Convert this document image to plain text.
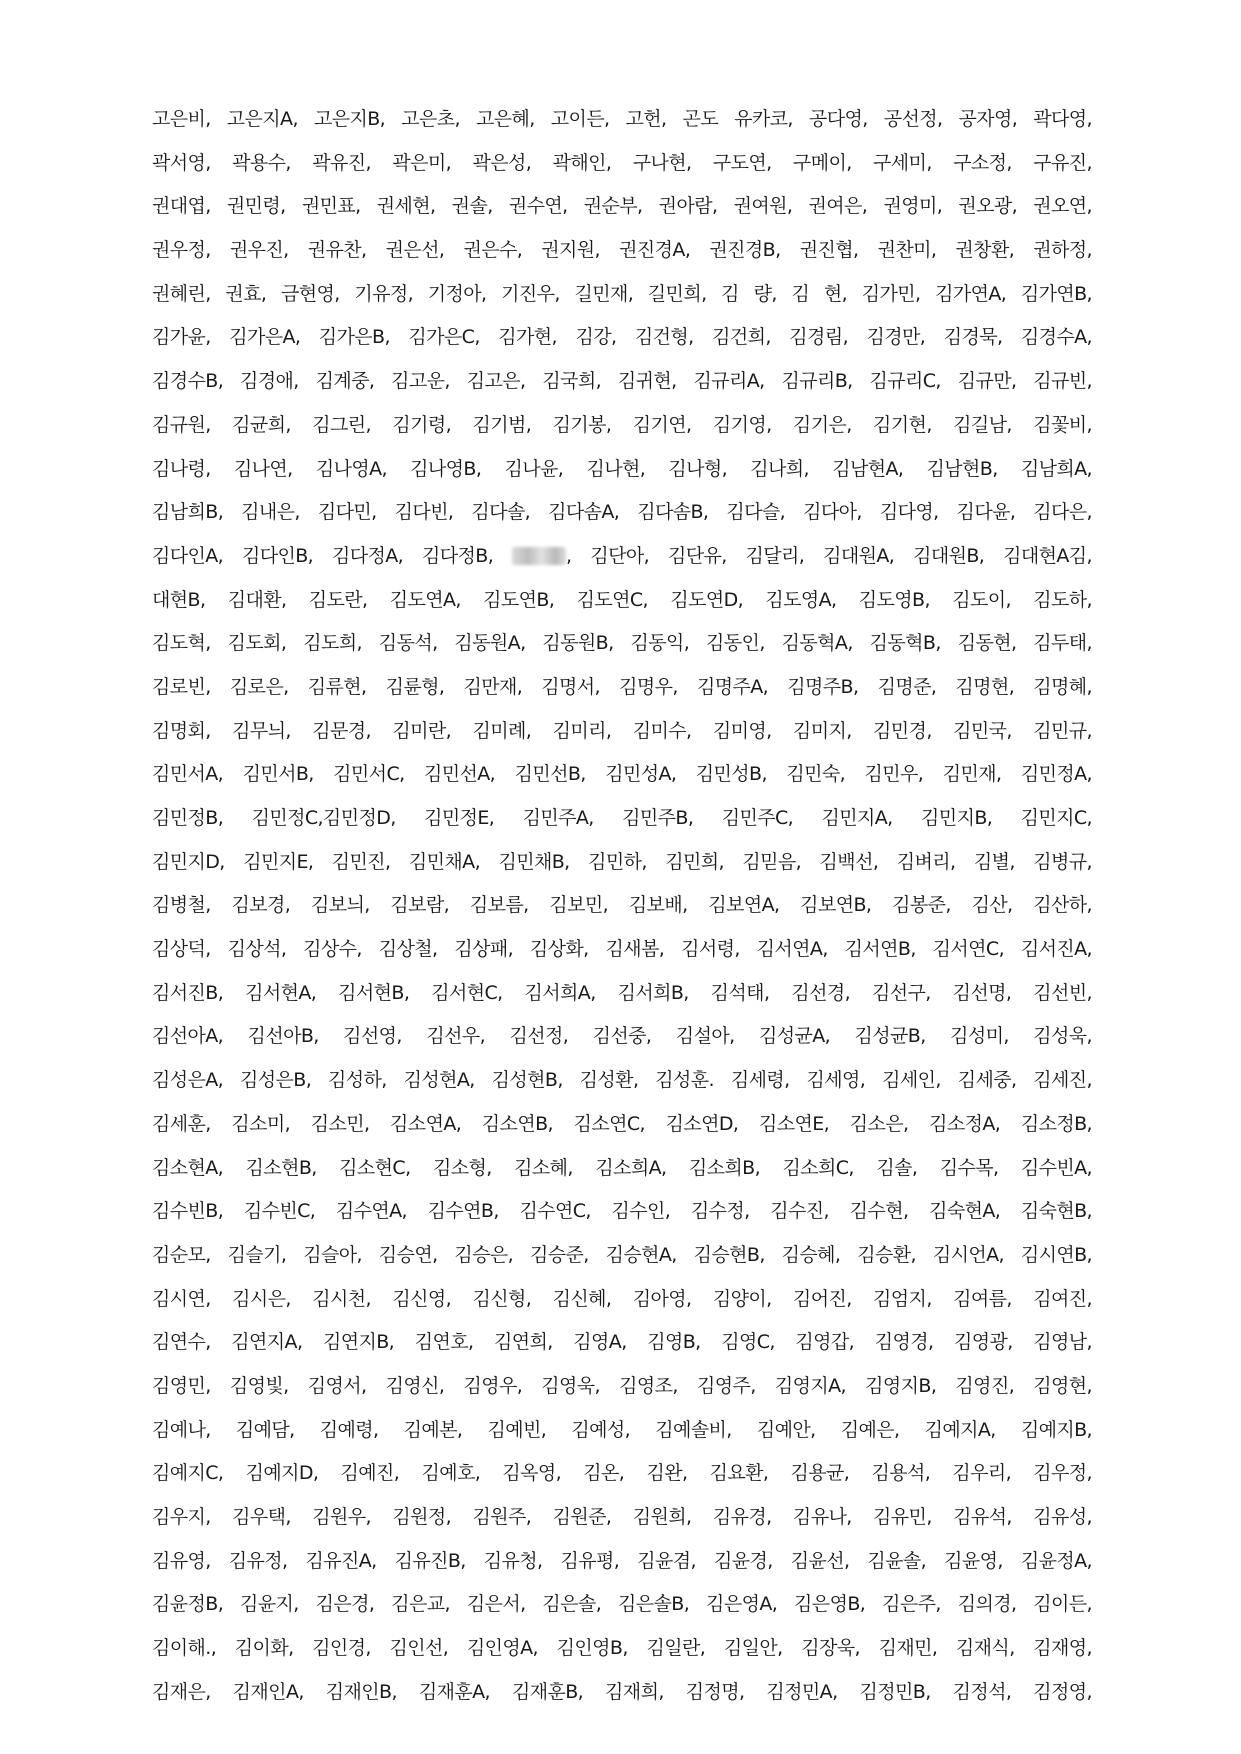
고은비, 고은지A, 고은지B, 고은초, 고은혜, 고이든, 고헌, 곤도 유카코, 공다영, 공선정, 공자영, 곽다영,
곽서영, 곽용수, 곽유진, 곽은미, 곽은성, 곽해인, 구나현, 구도연, 구메이, 구세미, 구소정, 구유진,
권대엽, 권민령, 권민표, 권세현, 권솔, 권수연, 권순부, 권아람, 권여원, 권여은, 권영미, 권오광, 권오연,
권우정, 권우진, 권유찬, 권은선, 권은수, 권지원, 권진경A, 권진경B, 권진협, 권찬미, 권창환, 권하정,
권혜린, 권효, 금현영, 기유정, 기정아, 기진우, 길민재, 길민희, 김 량, 김 현, 김가민, 김가연A, 김가연B,
김가윤, 김가은A, 김가은B, 김가은C, 김가현, 김강, 김건형, 김건희, 김경림, 김경만, 김경묵, 김경수A,
김경수B, 김경애, 김계중, 김고운, 김고은, 김국희, 김귀현, 김규리A, 김규리B, 김규리C, 김규만, 김규빈,
김규원, 김균희, 김그린, 김기령, 김기범, 김기봉, 김기연, 김기영, 김기은, 김기현, 김길남, 김꽃비,
김나령, 김나연, 김나영A, 김나영B, 김나윤, 김나현, 김나형, 김나희, 김남현A, 김남현B, 김남희A,
김남희B, 김내은, 김다민, 김다빈, 김다솔, 김다솜A, 김다솜B, 김다슬, 김다아, 김다영, 김다윤, 김다은,
김다인A, 김다인B, 김다정A, 김다정B,	, 김단아, 김단유, 김달리, 김대원A, 김대원B, 김대현A김,
대현B, 김대환, 김도란, 김도연A, 김도연B, 김도연C, 김도연D, 김도영A, 김도영B, 김도이, 김도하,
김도혁, 김도회, 김도희, 김동석, 김동원A, 김동원B, 김동익, 김동인, 김동혁A, 김동혁B, 김동현, 김두태,
김로빈, 김로은, 김류현, 김륜형, 김만재, 김명서, 김명우, 김명주A, 김명주B, 김명준, 김명현, 김명혜,
김명회, 김무늬, 김문경, 김미란, 김미례, 김미리, 김미수, 김미영, 김미지, 김민경, 김민국, 김민규,
김민서A, 김민서B, 김민서C, 김민선A, 김민선B, 김민성A, 김민성B, 김민숙, 김민우, 김민재, 김민정A,
김민정B, 김민정C,김민정D, 김민정E, 김민주A, 김민주B, 김민주C, 김민지A, 김민지B, 김민지C,
김민지D, 김민지E, 김민진, 김민채A, 김민채B, 김민하, 김민희, 김믿음, 김백선, 김벼리, 김별, 김병규,
김병철, 김보경, 김보늬, 김보람, 김보름, 김보민, 김보배, 김보연A, 김보연B, 김봉준, 김산, 김산하,
김상덕, 김상석, 김상수, 김상철, 김상패, 김상화, 김새봄, 김서령, 김서연A, 김서연B, 김서연C, 김서진A,
김서진B, 김서현A, 김서현B, 김서현C, 김서희A, 김서희B, 김석태, 김선경, 김선구, 김선명, 김선빈,
김선아A, 김선아B, 김선영, 김선우, 김선정, 김선중, 김설아, 김성균A, 김성균B, 김성미, 김성욱,
김성은A, 김성은B, 김성하, 김성현A, 김성현B, 김성환, 김성훈. 김세령, 김세영, 김세인, 김세중, 김세진,
김세훈, 김소미, 김소민, 김소연A, 김소연B, 김소연C, 김소연D, 김소연E, 김소은, 김소정A, 김소정B,
김소현A, 김소현B, 김소현C, 김소형, 김소혜, 김소희A, 김소희B, 김소희C, 김솔, 김수목, 김수빈A,
김수빈B, 김수빈C, 김수연A, 김수연B, 김수연C, 김수인, 김수정, 김수진, 김수현, 김숙현A, 김숙현B,
김순모, 김슬기, 김슬아, 김승연, 김승은, 김승준, 김승현A, 김승현B, 김승혜, 김승환, 김시언A, 김시연B,
김시연, 김시은, 김시천, 김신영, 김신형, 김신혜, 김아영, 김양이, 김어진, 김엄지, 김여름, 김여진,
김연수, 김연지A, 김연지B, 김연호, 김연희, 김영A, 김영B, 김영C, 김영갑, 김영경, 김영광, 김영남,
김영민, 김영빛, 김영서, 김영신, 김영우, 김영욱, 김영조, 김영주, 김영지A, 김영지B, 김영진, 김영현,
김예나, 김예담, 김예령, 김예본, 김예빈, 김예성, 김예솔비, 김예안, 김예은, 김예지A, 김예지B,
김예지C, 김예지D, 김예진, 김예호, 김옥영, 김온, 김완, 김요환, 김용균, 김용석, 김우리, 김우정,
김우지, 김우택, 김원우, 김원정, 김원주, 김원준, 김원희, 김유경, 김유나, 김유민, 김유석, 김유성,
김유영, 김유정, 김유진A, 김유진B, 김유청, 김유평, 김윤겸, 김윤경, 김윤선, 김윤솔, 김윤영, 김윤정A,
김윤정B, 김윤지, 김은경, 김은교, 김은서, 김은솔, 김은솔B, 김은영A, 김은영B, 김은주, 김의경, 김이든,
김이해., 김이화, 김인경, 김인선, 김인영A, 김인영B, 김일란, 김일안, 김장욱, 김재민, 김재식, 김재영,
김재은, 김재인A, 김재인B, 김재훈A, 김재훈B, 김재희, 김정명, 김정민A, 김정민B, 김정석, 김정영,
